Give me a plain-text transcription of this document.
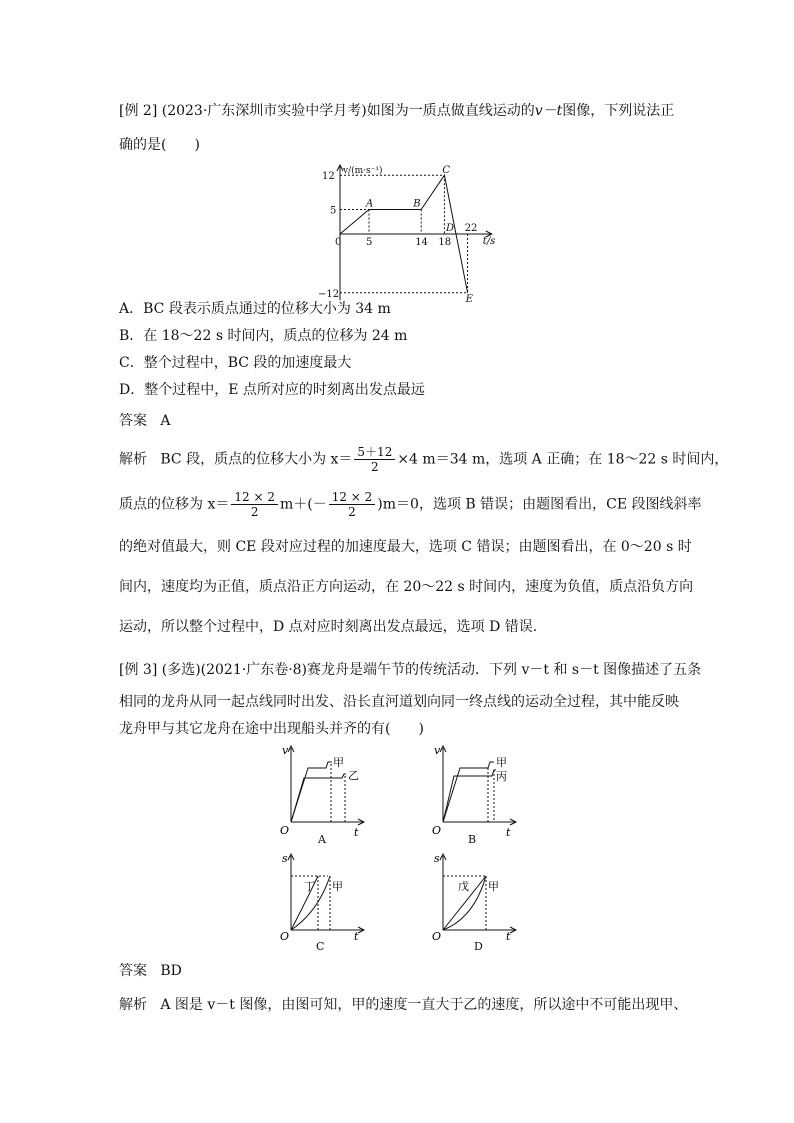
[例 2] (2023·广东深圳市实验中学月考)如图为一质点做直线运动的v－t图像，下列说法正
确的是(　　)
v/(m·s⁻¹)
t/s
12
5
−12
0 5	14 18
22
A	B
C
D
E
A．BC 段表示质点通过的位移大小为 34 m
B．在 18～22 s 时间内，质点的位移为 24 m
C．整个过程中，BC 段的加速度最大
D．整个过程中，E 点所对应的时刻离出发点最远
答案 A
解析 BC 段，质点的位移大小为 $x= \frac{5+12}{2} \times 4$ m＝34 m，选项 A 正确；在 18～22 s 时间内，
质点的位移为 $x= \frac{12 \times 2}{2} m+(- \frac{12 \times 2}{2} )m=0$，选项 B 错误；由题图看出，CE 段图线斜率
的绝对值最大，则 CE 段对应过程的加速度最大，选项 C 错误；由题图看出，在 0～20 s 时
间内，速度均为正值，质点沿正方向运动，在 20～22 s 时间内，速度为负值，质点沿负方向
运动，所以整个过程中，D 点对应时刻离出发点最远，选项 D 错误.
[例 3] (多选)(2021·广东卷·8)赛龙舟是端午节的传统活动．下列 v－t 和 s－t 图像描述了五条
相同的龙舟从同一起点线同时出发、沿长直河道划向同一终点线的运动全过程，其中能反映
龙舟甲与其它龙舟在途中出现船头并齐的有(　　)
v
t
O
甲
乙
A
v
t
O
甲
丙
B
s
t
O
丁 甲
C
s
t
O
戊 甲
D
答案 BD
解析 A 图是 v－t 图像，由图可知，甲的速度一直大于乙的速度，所以途中不可能出现甲、
